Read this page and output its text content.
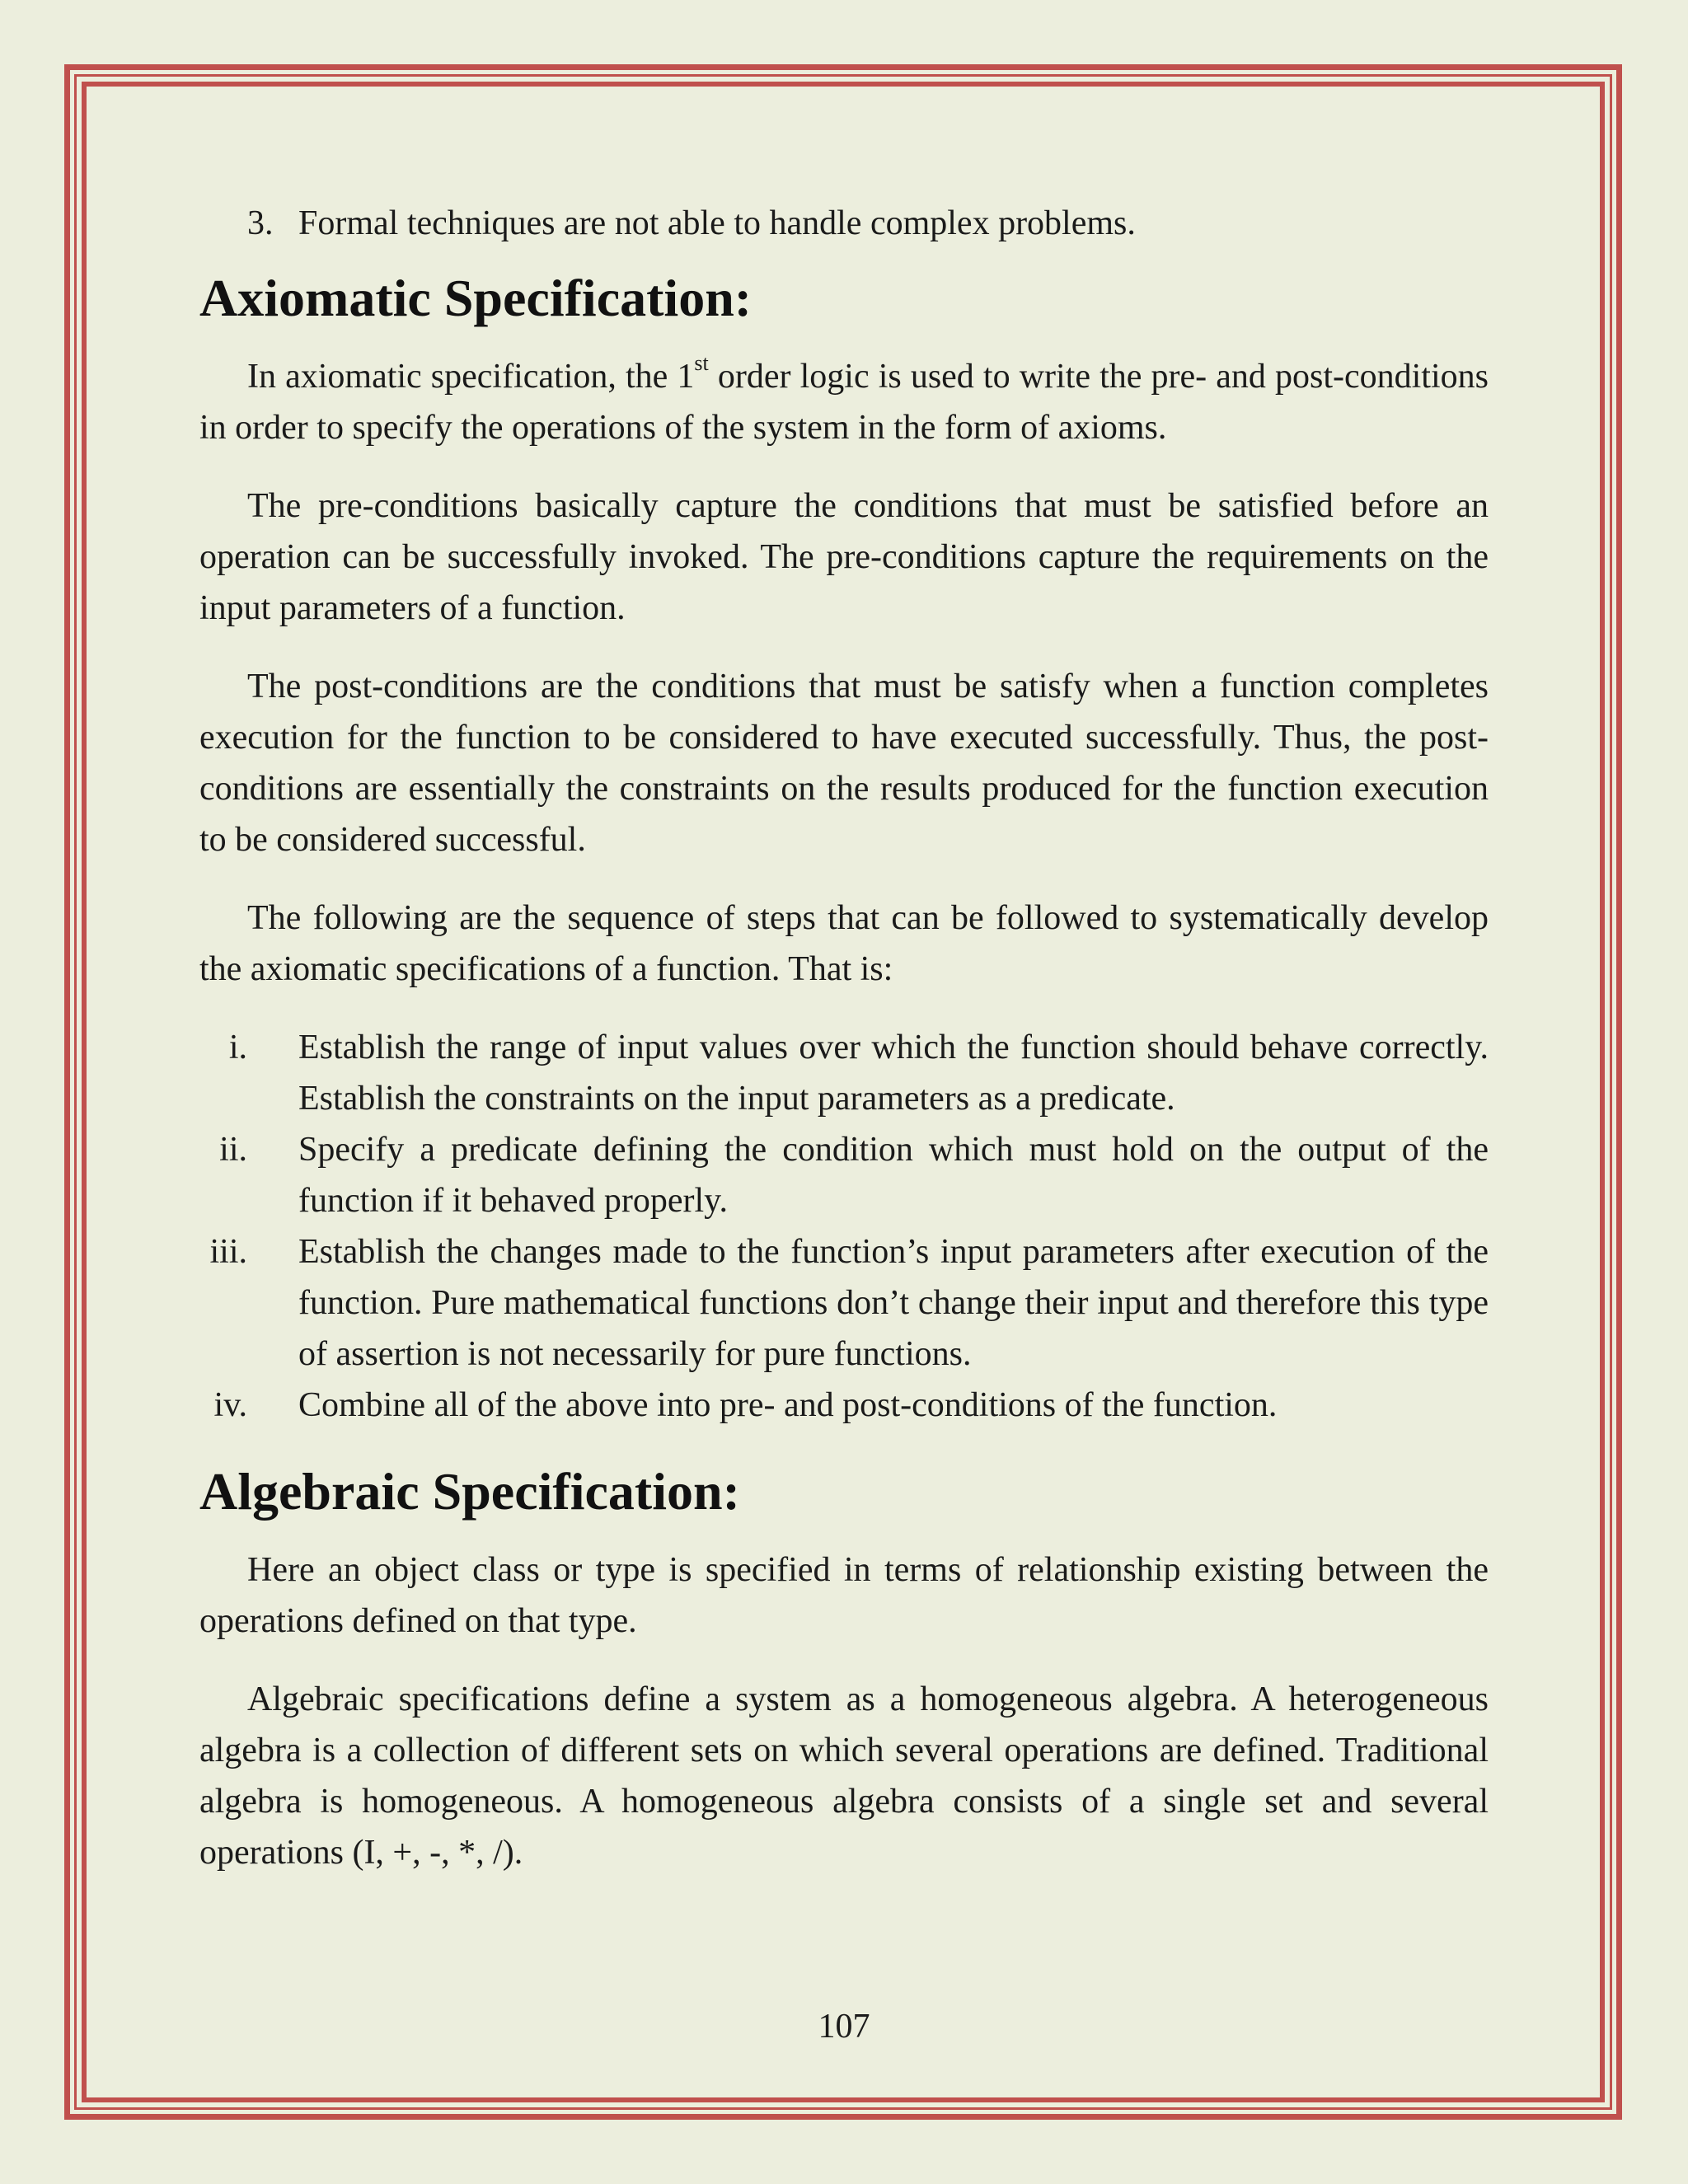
3. Formal techniques are not able to handle complex problems.
Axiomatic Specification:

In axiomatic specification, the 1st order logic is used to write the pre- and post-conditions in order to specify the operations of the system in the form of axioms.

The pre-conditions basically capture the conditions that must be satisfied before an operation can be successfully invoked. The pre-conditions capture the requirements on the input parameters of a function.

The post-conditions are the conditions that must be satisfy when a function completes execution for the function to be considered to have executed successfully. Thus, the post-conditions are essentially the constraints on the results produced for the function execution to be considered successful.

The following are the sequence of steps that can be followed to systematically develop the axiomatic specifications of a function. That is:

i.	Establish the range of input values over which the function should behave correctly. Establish the constraints on the input parameters as a predicate.
ii.	Specify a predicate defining the condition which must hold on the output of the function if it behaved properly.
iii.	Establish the changes made to the function’s input parameters after execution of the function. Pure mathematical functions don’t change their input and therefore this type of assertion is not necessarily for pure functions.
iv.	Combine all of the above into pre- and post-conditions of the function.
Algebraic Specification:

Here an object class or type is specified in terms of relationship existing between the operations defined on that type.

Algebraic specifications define a system as a homogeneous algebra. A heterogeneous algebra is a collection of different sets on which several operations are defined. Traditional algebra is homogeneous. A homogeneous algebra consists of a single set and several operations (I, +, -, *, /).

107
